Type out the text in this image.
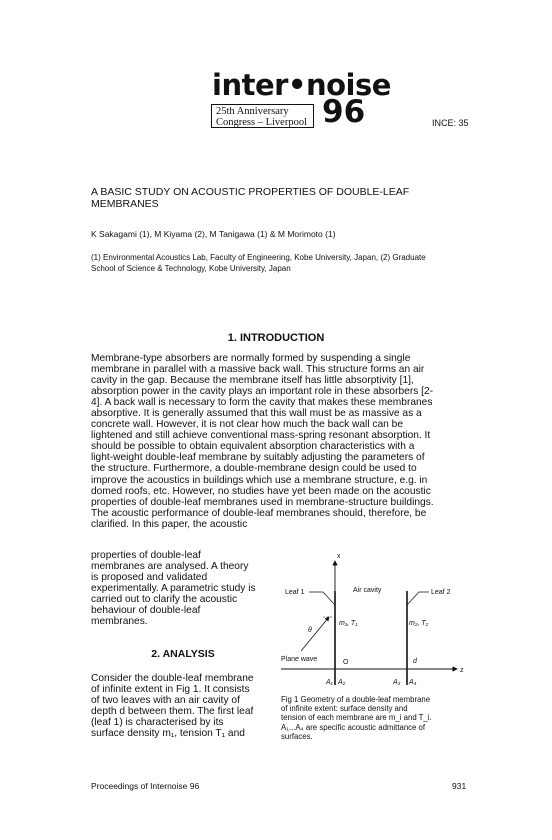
inter•noise
25th Anniversary
Congress – Liverpool 96	INCE: 35
A BASIC STUDY ON ACOUSTIC PROPERTIES OF DOUBLE-LEAF
MEMBRANES
K Sakagami (1), M Kiyama (2), M Tanigawa (1) & M Morimoto (1)
(1) Environmental Acoustics Lab, Faculty of Engineering, Kobe University, Japan, (2) Graduate
School of Science & Technology, Kobe University, Japan
1. INTRODUCTION
Membrane-type absorbers are normally formed by suspending a single
membrane in parallel with a massive back wall. This structure forms an air
cavity in the gap. Because the membrane itself has little absorptivity [1],
absorption power in the cavity plays an important role in these absorbers [2-
4]. A back wall is necessary to form the cavity that makes these membranes
absorptive. It is generally assumed that this wall must be as massive as a
concrete wall. However, it is not clear how much the back wall can be
lightened and still achieve conventional mass-spring resonant absorption. It
should be possible to obtain equivalent absorption characteristics with a
light-weight double-leaf membrane by suitably adjusting the parameters of
the structure. Furthermore, a double-membrane design could be used to
improve the acoustics in buildings which use a membrane structure, e.g. in
domed roofs, etc. However, no studies have yet been made on the acoustic
properties of double-leaf membranes used in membrane-structure buildings.
The acoustic performance of double-leaf membranes should, therefore, be
clarified. In this paper, the acoustic
properties of double-leaf
membranes are analysed. A theory
is proposed and validated
experimentally. A parametric study is
carried out to clarify the acoustic
behaviour of double-leaf
membranes.
2. ANALYSIS
Consider the double-leaf membrane
of infinite extent in Fig 1. It consists
of two leaves with an air cavity of
depth d between them. The first leaf
(leaf 1) is characterised by its
surface density m₁, tension T₁ and
x
z
Leaf 1	Air cavity	Leaf 2
θ
m₁, T₁	m₂, T₂
Plane wave	O	d
A₁ A₂	A₃ A₄
Fig 1 Geometry of a double-leaf membrane
of infinite extent: surface density and
tension of each membrane are m_i and T_i.
A₁...A₄ are specific acoustic admittance of
surfaces.
Proceedings of Internoise 96	931
